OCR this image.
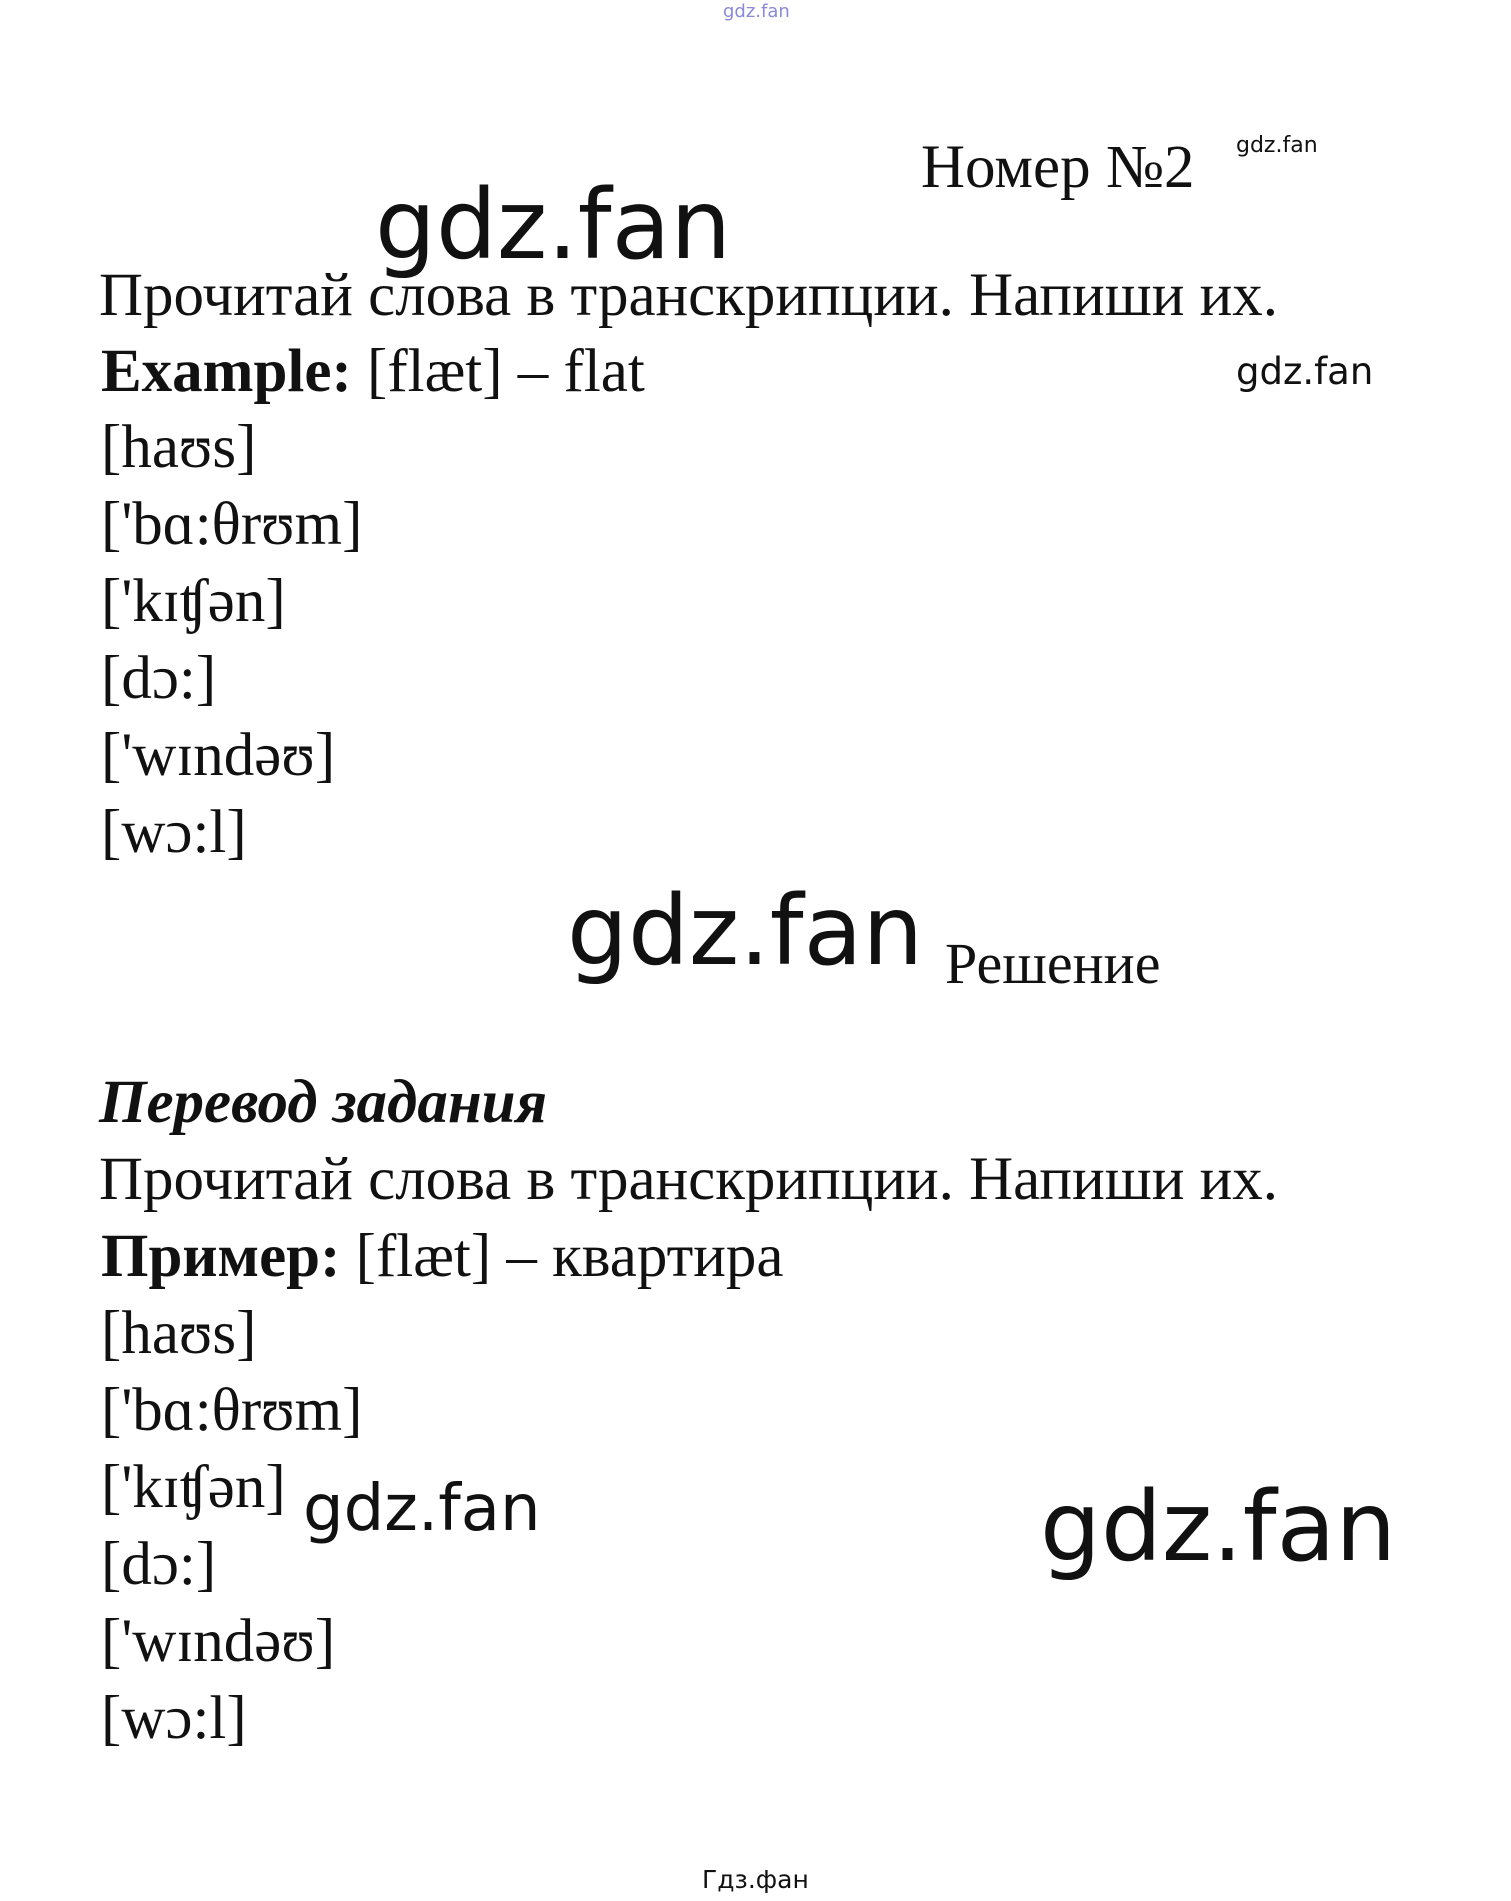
gdz.fan
Номер №2 gdz.fan
gdz.fan
Прочитай слова в транскрипции. Напиши их.
Example: [flæt] – flat	gdz.fan
[haʊs]
['bɑ:θrʊm]
['kɪʧən]
[dɔ:]
['wɪndəʊ]
[wɔ:l]
gdz.fan Решение
Перевод задания
Прочитай слова в транскрипции. Напиши их.
Пример: [flæt] – квартира
[haʊs]
['bɑ:θrʊm]
['kɪʧən]
[dɔ:]
['wɪndəʊ]
[wɔ:l]
gdz.fan	gdz.fan
Гдз.фан
